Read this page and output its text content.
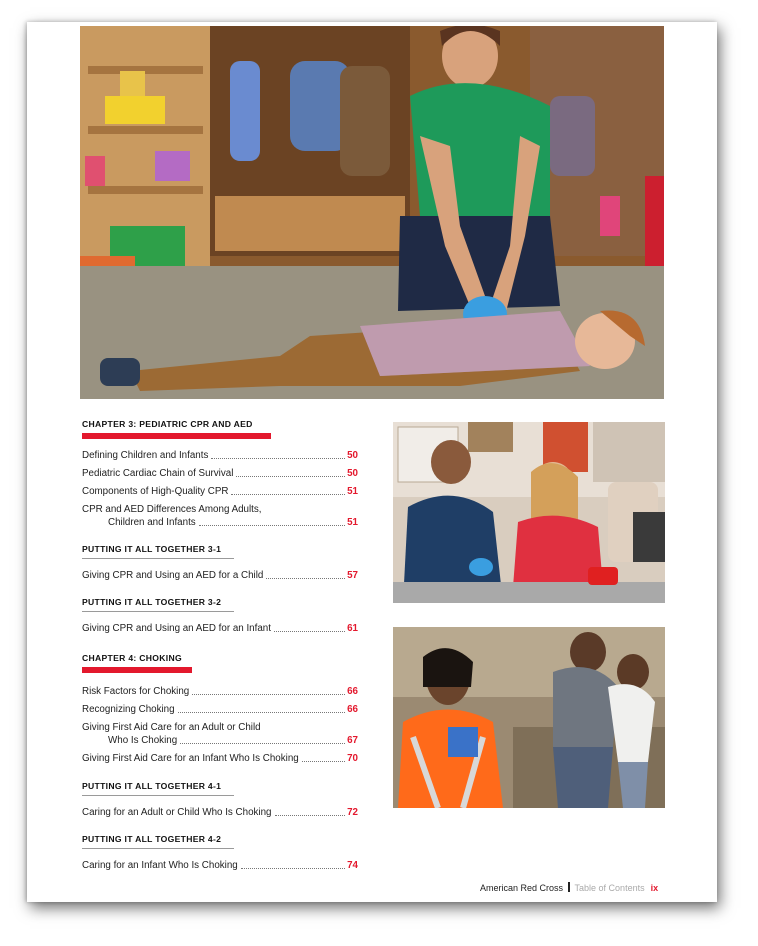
CHAPTER 3: PEDIATRIC CPR AND AED
Defining Children and Infants	50
Pediatric Cardiac Chain of Survival	50
Components of High-Quality CPR	51
CPR and AED Differences Among Adults,
Children and Infants	51
PUTTING IT ALL TOGETHER 3-1
Giving CPR and Using an AED for a Child	57
PUTTING IT ALL TOGETHER 3-2
Giving CPR and Using an AED for an Infant	61
CHAPTER 4: CHOKING
Risk Factors for Choking	66
Recognizing Choking	66
Giving First Aid Care for an Adult or Child
Who Is Choking	67
Giving First Aid Care for an Infant Who Is Choking	70
PUTTING IT ALL TOGETHER 4-1
Caring for an Adult or Child Who Is Choking	72
PUTTING IT ALL TOGETHER 4-2
Caring for an Infant Who Is Choking	74
American Red Cross Table of Contents ix
